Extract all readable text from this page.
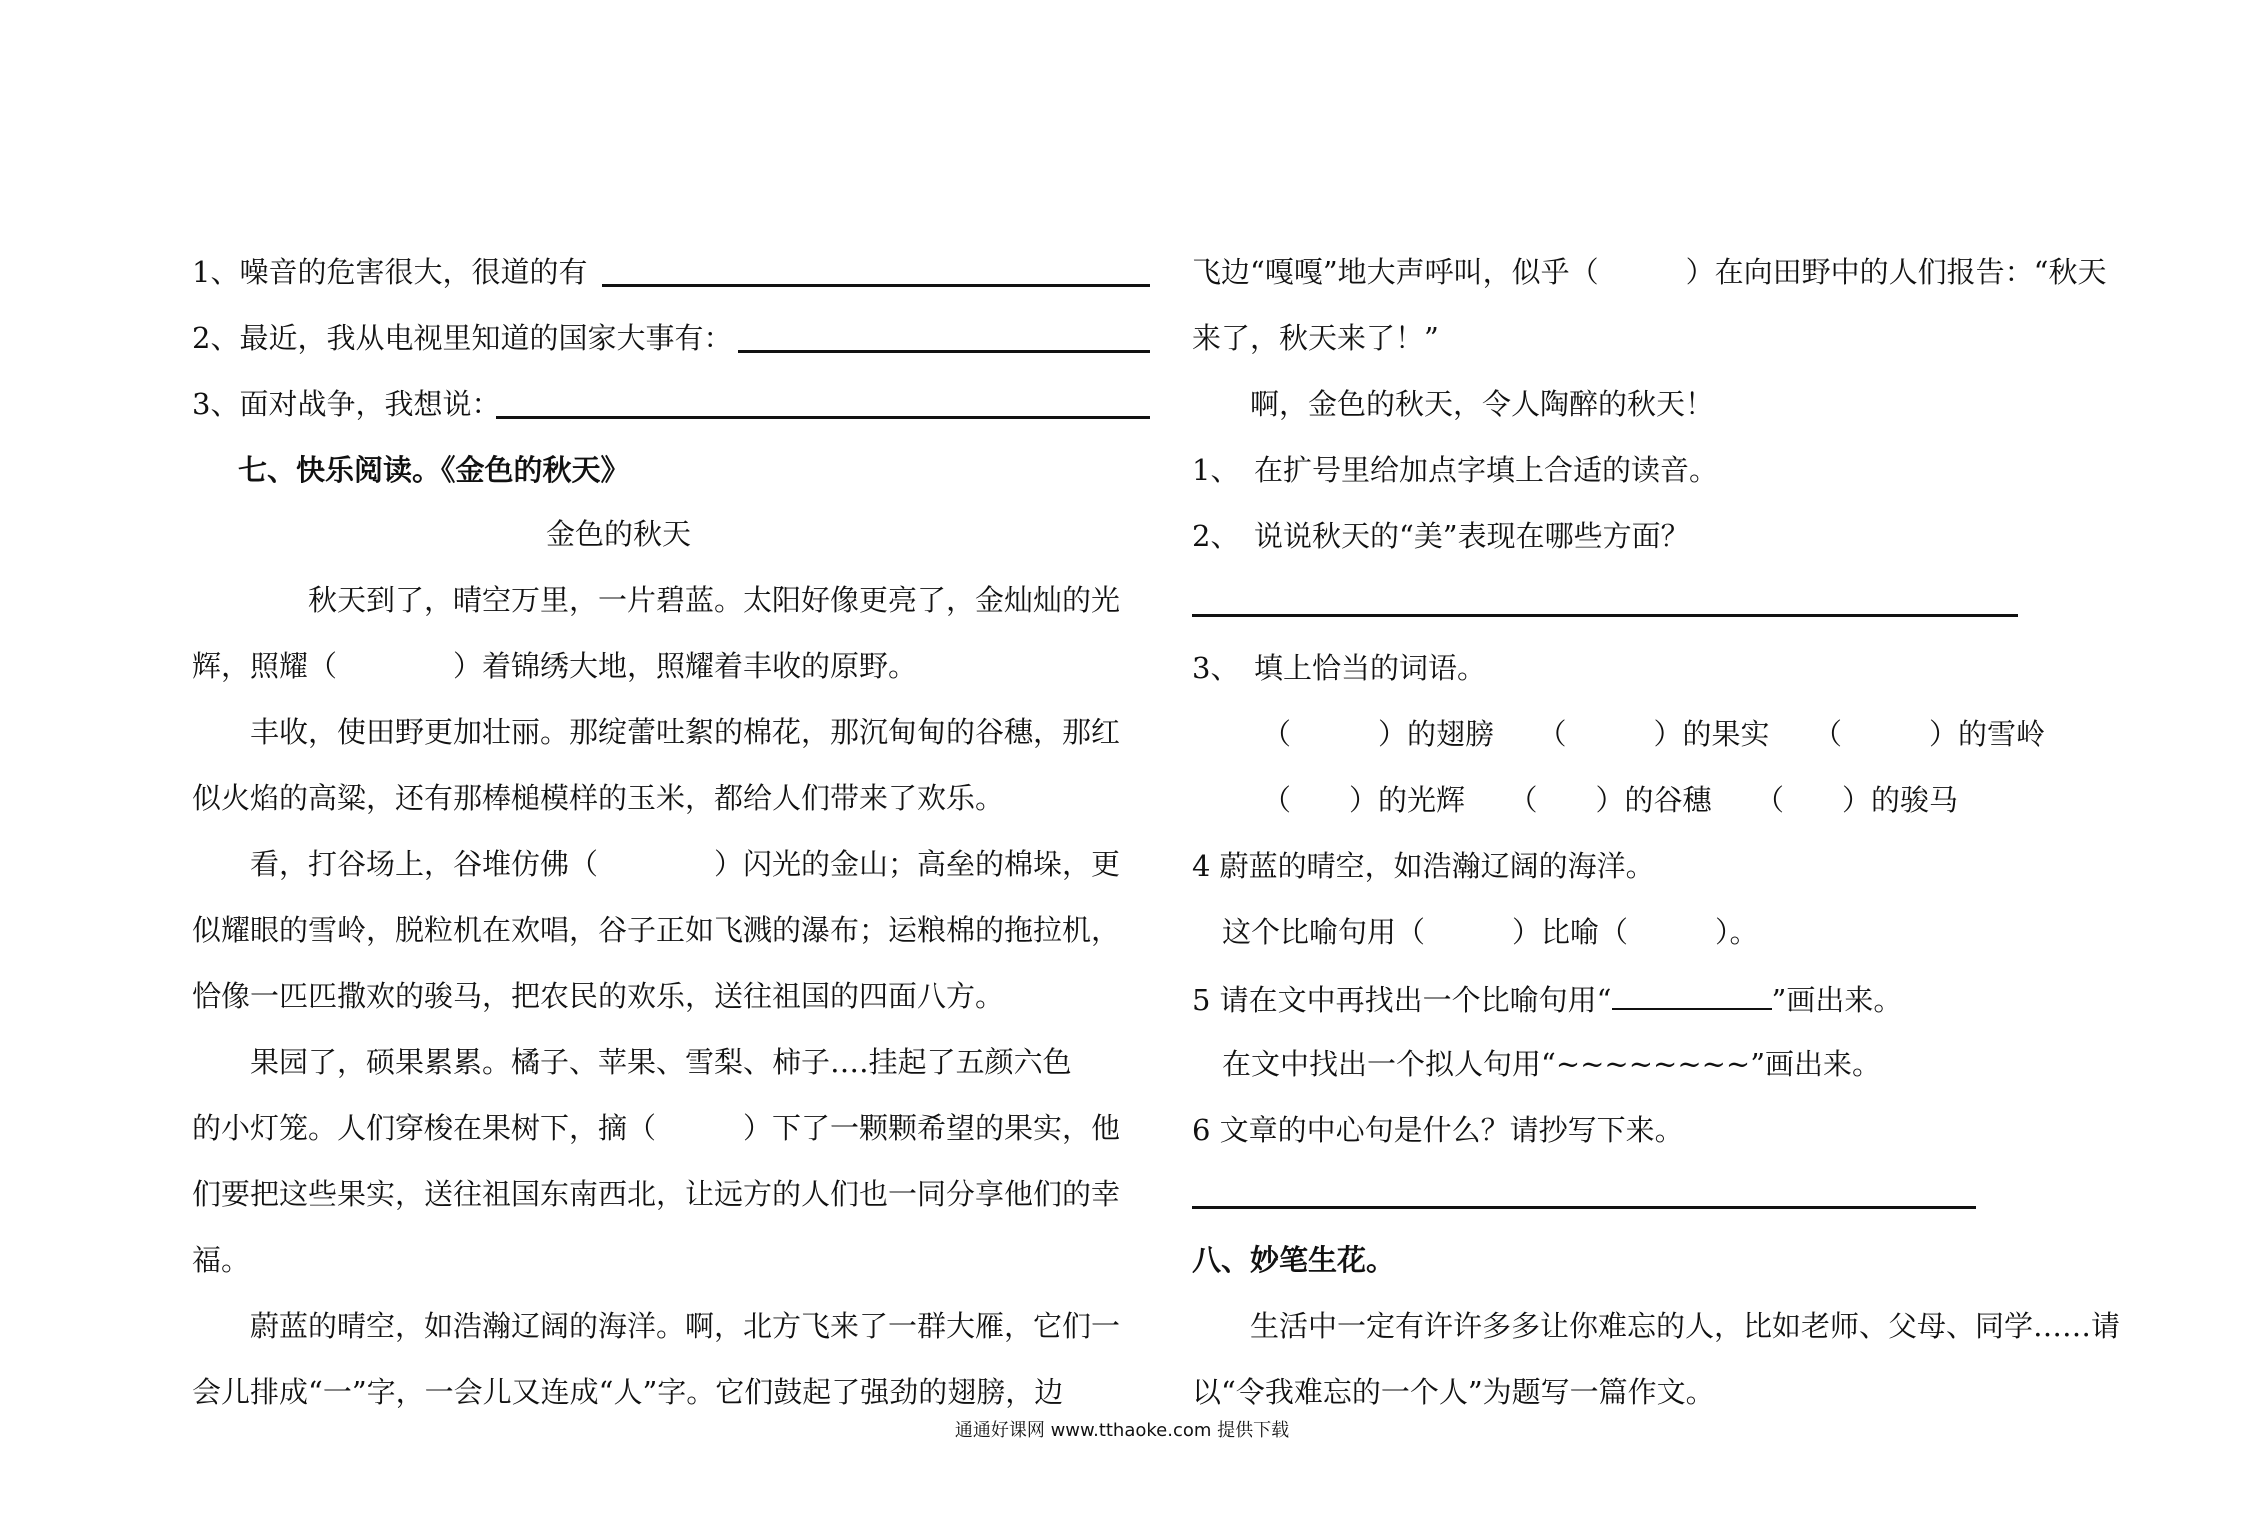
1、噪音的危害很大，很道的有
2、最近，我从电视里知道的国家大事有：
3、面对战争，我想说：
七、快乐阅读。《金色的秋天》
金色的秋天
秋天到了，晴空万里，一片碧蓝。太阳好像更亮了，金灿灿的光
辉，照耀（　　　　）着锦绣大地，照耀着丰收的原野。
丰收，使田野更加壮丽。那绽蕾吐絮的棉花，那沉甸甸的谷穗，那红
似火焰的高粱，还有那棒槌模样的玉米，都给人们带来了欢乐。
看，打谷场上，谷堆仿佛（　　　　）闪光的金山；高垒的棉垛，更
似耀眼的雪岭，脱粒机在欢唱，谷子正如飞溅的瀑布；运粮棉的拖拉机，
恰像一匹匹撒欢的骏马，把农民的欢乐，送往祖国的四面八方。
果园了，硕果累累。橘子、苹果、雪梨、柿子‥‥挂起了五颜六色
的小灯笼。人们穿梭在果树下，摘（　　　）下了一颗颗希望的果实，他
们要把这些果实，送往祖国东南西北，让远方的人们也一同分享他们的幸
福。
蔚蓝的晴空，如浩瀚辽阔的海洋。啊，北方飞来了一群大雁，它们一
会儿排成“一”字，一会儿又连成“人”字。它们鼓起了强劲的翅膀，边
飞边“嘎嘎”地大声呼叫，似乎（　　　）在向田野中的人们报告：“秋天
来了，秋天来了！”
啊，金色的秋天，令人陶醉的秋天！
1、　在扩号里给加点字填上合适的读音。
2、　说说秋天的“美”表现在哪些方面？
3、　填上恰当的词语。
（　　　）的翅膀　　（　　　）的果实　　（　　　）的雪岭
（　　）的光辉　　（　　）的谷穗　　（　　）的骏马
4 蔚蓝的晴空，如浩瀚辽阔的海洋。
这个比喻句用（　　　）比喻（　　　）。
5 请在文中再找出一个比喻句用“	”画出来。
在文中找出一个拟人句用“~~~~~~~~”画出来。
6 文章的中心句是什么？请抄写下来。
八、妙笔生花。
生活中一定有许许多多让你难忘的人，比如老师、父母、同学……请
以“令我难忘的一个人”为题写一篇作文。
通通好课网 www.tthaoke.com 提供下载
